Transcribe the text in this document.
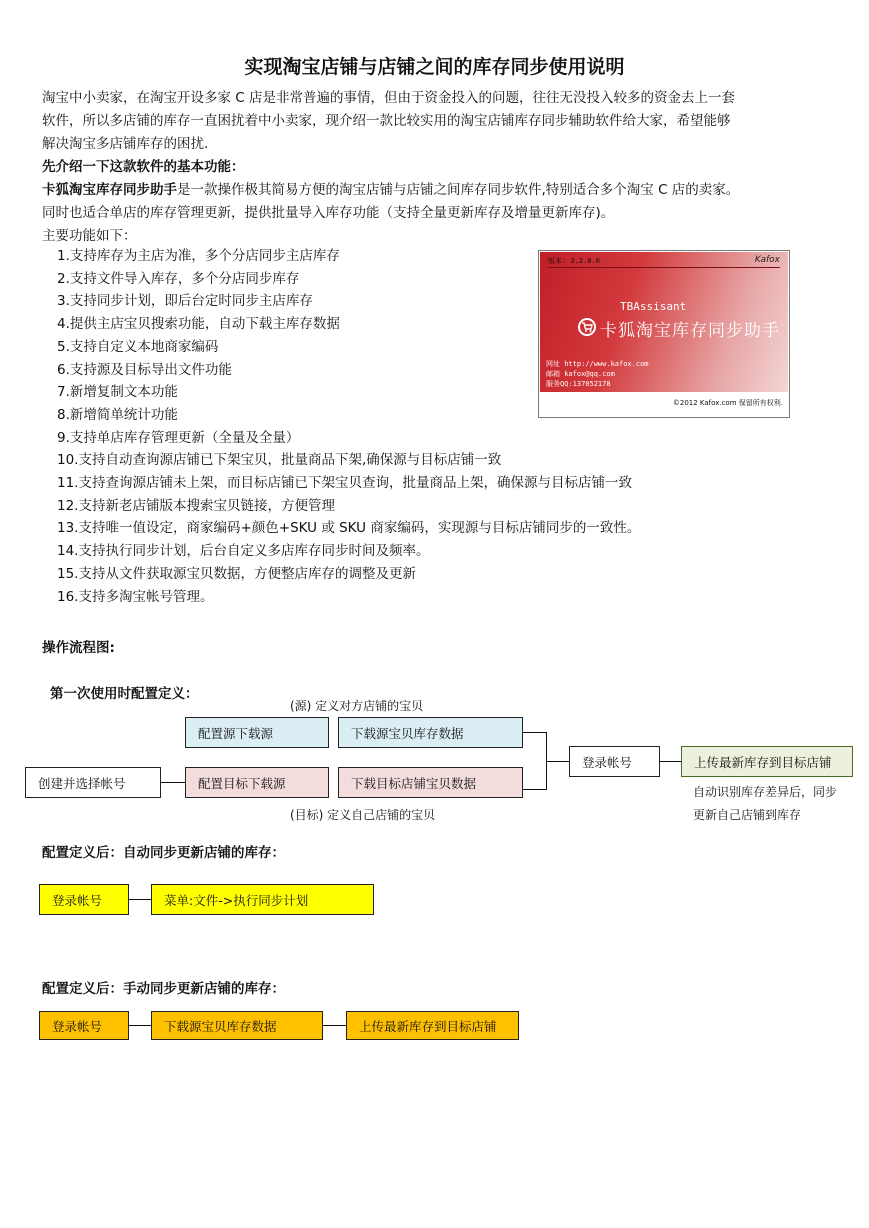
实现淘宝店铺与店铺之间的库存同步使用说明
淘宝中小卖家，在淘宝开设多家 C 店是非常普遍的事情，但由于资金投入的问题，往往无没投入较多的资金去上一套
软件，所以多店铺的库存一直困扰着中小卖家，现介绍一款比较实用的淘宝店铺库存同步辅助软件给大家，希望能够
解决淘宝多店铺库存的困扰.
先介绍一下这款软件的基本功能：
卡狐淘宝库存同步助手是一款操作极其简易方便的淘宝店铺与店铺之间库存同步软件,特别适合多个淘宝 C 店的卖家。
同时也适合单店的库存管理更新，提供批量导入库存功能（支持全量更新库存及增量更新库存)。
主要功能如下：
1.支持库存为主店为准，多个分店同步主店库存
2.支持文件导入库存，多个分店同步库存
3.支持同步计划，即后台定时同步主店库存
4.提供主店宝贝搜索功能，自动下载主库存数据
5.支持自定义本地商家编码
6.支持源及目标导出文件功能
7.新增复制文本功能
8.新增简单统计功能
9.支持单店库存管理更新（全量及全量）
10.支持自动查询源店铺已下架宝贝，批量商品下架,确保源与目标店铺一致
11.支持查询源店铺未上架，而目标店铺已下架宝贝查询，批量商品上架，确保源与目标店铺一致
12.支持新老店铺版本搜索宝贝链接，方便管理
13.支持唯一值设定，商家编码+颜色+SKU 或 SKU 商家编码，实现源与目标店铺同步的一致性。
14.支持执行同步计划，后台自定义多店库存同步时间及频率。
15.支持从文件获取源宝贝数据，方便整店库存的调整及更新
16.支持多淘宝帐号管理。
版本: 3.2.0.0	Kafox
TBAssisant
卡狐淘宝库存同步助手
网址 http://www.kafox.com
邮箱 kafox@qq.com
服务QQ:137052178
©2012 Kafox.com 保留所有权利.
操作流程图:
第一次使用时配置定义：
(源) 定义对方店铺的宝贝
(目标) 定义自己店铺的宝贝
配置源下载源	下载源宝贝库存数据
创建并选择帐号	配置目标下载源	下载目标店铺宝贝数据
登录帐号	上传最新库存到目标店铺
自动识别库存差异后，同步
更新自己店铺到库存
配置定义后：自动同步更新店铺的库存：
登录帐号	菜单:文件->执行同步计划
配置定义后：手动同步更新店铺的库存：
登录帐号	下载源宝贝库存数据	上传最新库存到目标店铺
